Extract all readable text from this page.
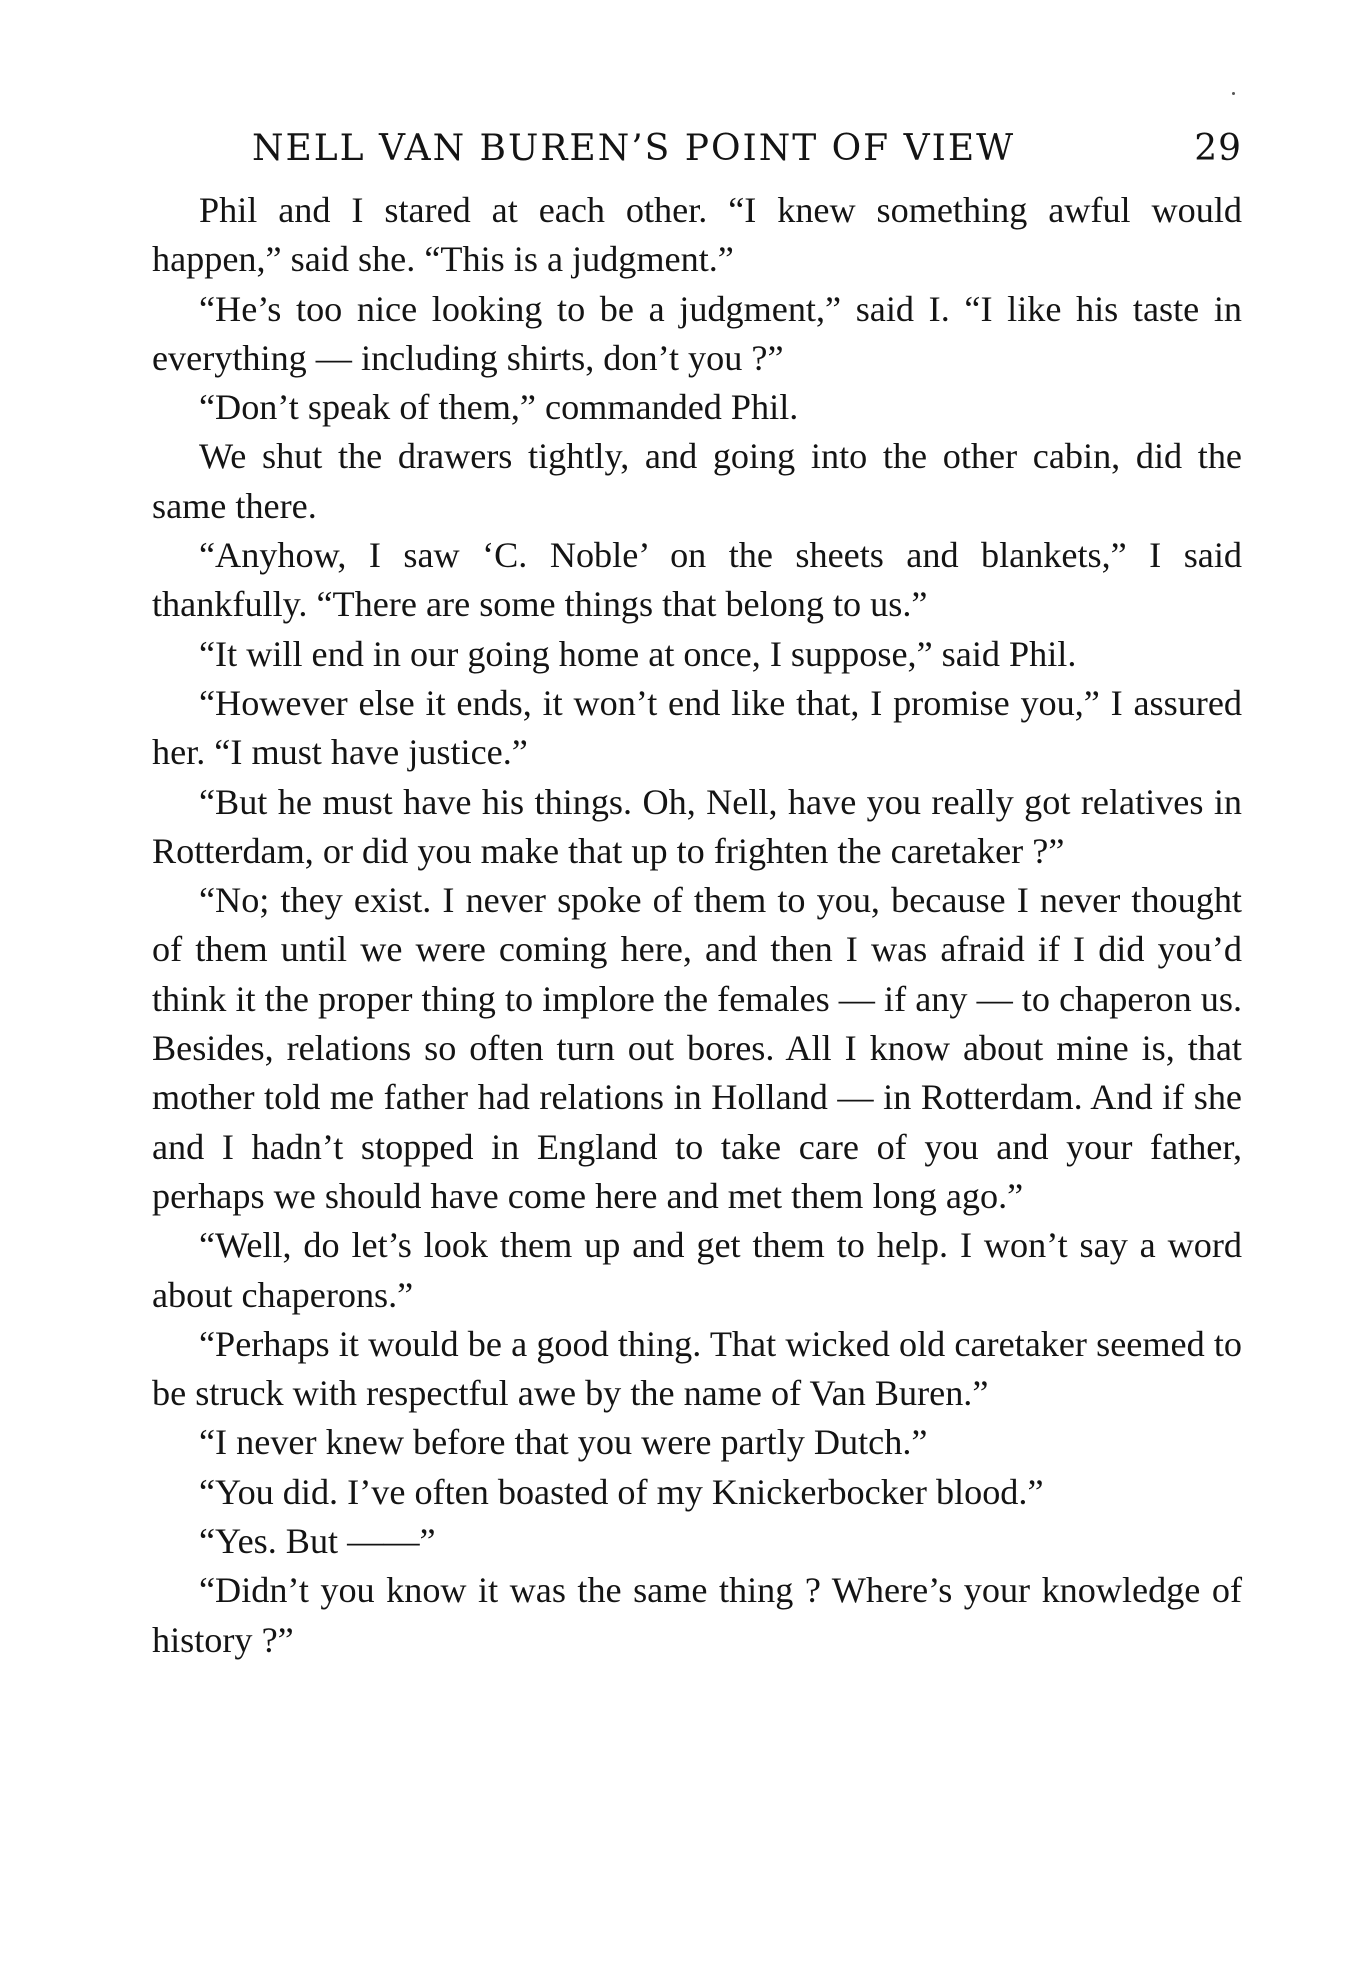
NELL VAN BUREN’S POINT OF VIEW	29

Phil and I stared at each other. “I knew something awful would happen,” said she. “This is a judgment.”

“He’s too nice looking to be a judgment,” said I. “I like his taste in everything — including shirts, don’t you ?”

“Don’t speak of them,” commanded Phil.

We shut the drawers tightly, and going into the other cabin, did the same there.

“Anyhow, I saw ‘C. Noble’ on the sheets and blankets,” I said thankfully. “There are some things that belong to us.”

“It will end in our going home at once, I suppose,” said Phil.

“However else it ends, it won’t end like that, I promise you,” I assured her. “I must have justice.”

“But he must have his things. Oh, Nell, have you really got relatives in Rotterdam, or did you make that up to frighten the caretaker ?”

“No; they exist. I never spoke of them to you, because I never thought of them until we were coming here, and then I was afraid if I did you’d think it the proper thing to implore the females — if any — to chaperon us. Besides, relations so often turn out bores. All I know about mine is, that mother told me father had relations in Holland — in Rotterdam. And if she and I hadn’t stopped in England to take care of you and your father, perhaps we should have come here and met them long ago.”

“Well, do let’s look them up and get them to help. I won’t say a word about chaperons.”

“Perhaps it would be a good thing. That wicked old caretaker seemed to be struck with respectful awe by the name of Van Buren.”

“I never knew before that you were partly Dutch.”

“You did. I’ve often boasted of my Knickerbocker blood.”

“Yes. But ——”

“Didn’t you know it was the same thing ? Where’s your knowledge of history ?”
